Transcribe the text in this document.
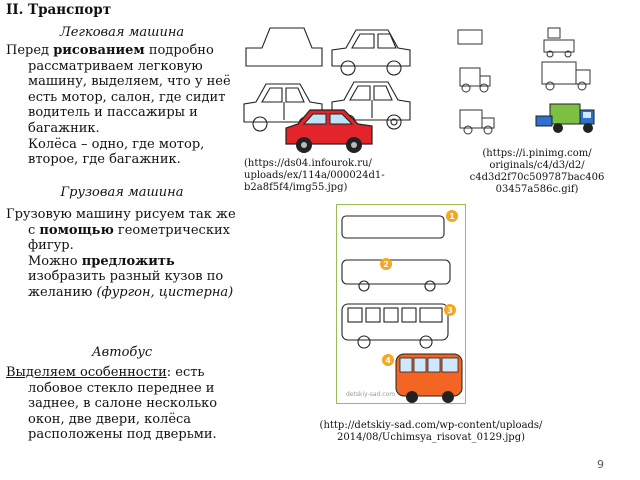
II. Транспорт
Легковая машина

Перед рисованием подробно рассматриваем легковую машину, выделяем, что у неё есть мотор, салон, где сидит водитель и пассажиры и багажник.

Колёса – одно, где мотор, второе, где багажник.

Грузовая машина

Грузовую машину рисуем так же с помощью геометрических фигур.

Можно предложить изобразить разный кузов по желанию (фургон, цистерна)

Автобус

Выделяем особенности: есть лобовое стекло переднее и заднее, в салоне несколько окон, две двери, колёса расположены под дверьми.

(https://ds04.infourok.ru/
uploads/ex/114a/000024d1-
b2a8f5f4/img55.jpg)
(https://i.pinimg.com/
originals/c4/d3/d2/
c4d3d2f70c509787bac406
03457a586c.gif)
detskiy-sad.com
1
2
3
4
(http://detskiy-sad.com/wp-content/uploads/
2014/08/Uchimsya_risovat_0129.jpg)
9
